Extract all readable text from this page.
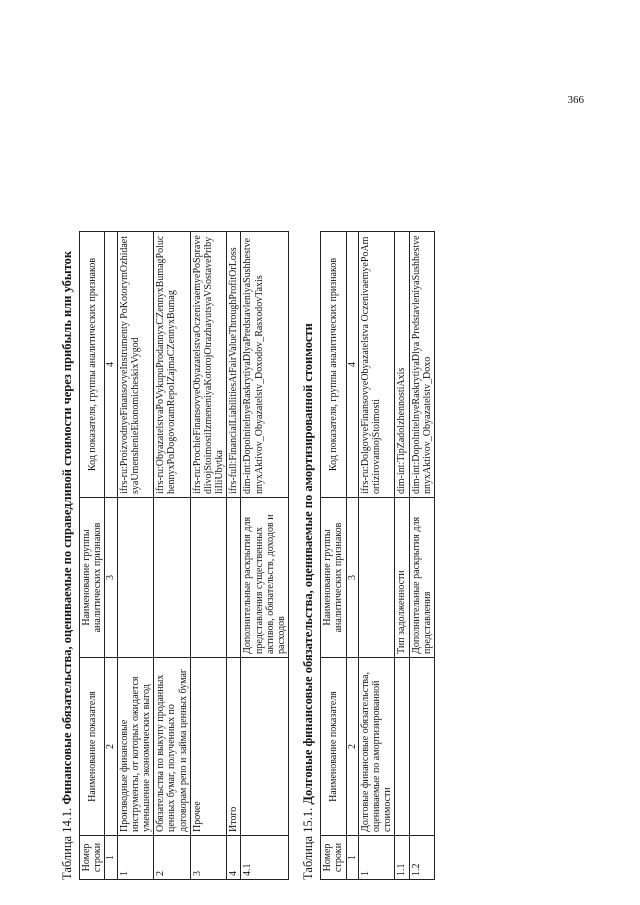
366
Таблица 14.1. Финансовые обязательства, оцениваемые по справедливой стоимости через прибыль или убыток
Номер строки	Наименование показателя	Наименование группы аналитических признаков	Код показателя, группы аналитических признаков
1	2	3	4
1	Производные финансовые инструменты, от которых ожидается уменьшение экономических выгод		ifrs-ru:ProizvodnyeFinansovyeInstrumenty PoKotorymOzhidaetsyaUmenshenieEkonomicheskixVygod
2	Обязательства по выкупу проданных ценных бумаг, полученных по договорам репо и займа ценных бумаг		ifrs-ru:ObyazatelstvaPoVykupuProdannyxCZennyxBumagPoluchennyxPoDogovoramRepoIZajmaCZennyxBumag
3	Прочее		ifrs-ru:ProchieFinansovyeObyazatelstvaOczenivaemyePoSpravedlivojStoimostiIzmeneniyaKotorojOtrazhayutsyaVSostavePribyliIliUbytka
4	Итого		ifrs-full:FinancialLiabilitiesAtFairValueThroughProfitOrLoss
4.1		Дополнительные раскрытия для представления существенных активов, обязательств, доходов и расходов	dim-int:DopolnitelnyeRaskrytiyaDlyaPredstavleniyaSushhestvennyxAktivov_Obyazatelstv_Doxodov_RasxodovTaxis
Таблица 15.1. Долговые финансовые обязательства, оцениваемые по амортизированной стоимости
Номер строки	Наименование показателя	Наименование группы аналитических признаков	Код показателя, группы аналитических признаков
1	2	3	4
1	Долговые финансовые обязательства, оцениваемые по амортизированной стоимости		ifrs-ru:DolgovyeFinansovyeObyazatelstva OczenivaemyePoAmortizirovannojStoimosti
1.1		Тип задолженности	dim-int:TipZadolzhennostiAxis
1.2		Дополнительные раскрытия для представления	dim-int:DopolnitelnyeRaskrytiyaDlya PredstavleniyaSushhestvennyxAktivov_Obyazatelstv_Doxo
